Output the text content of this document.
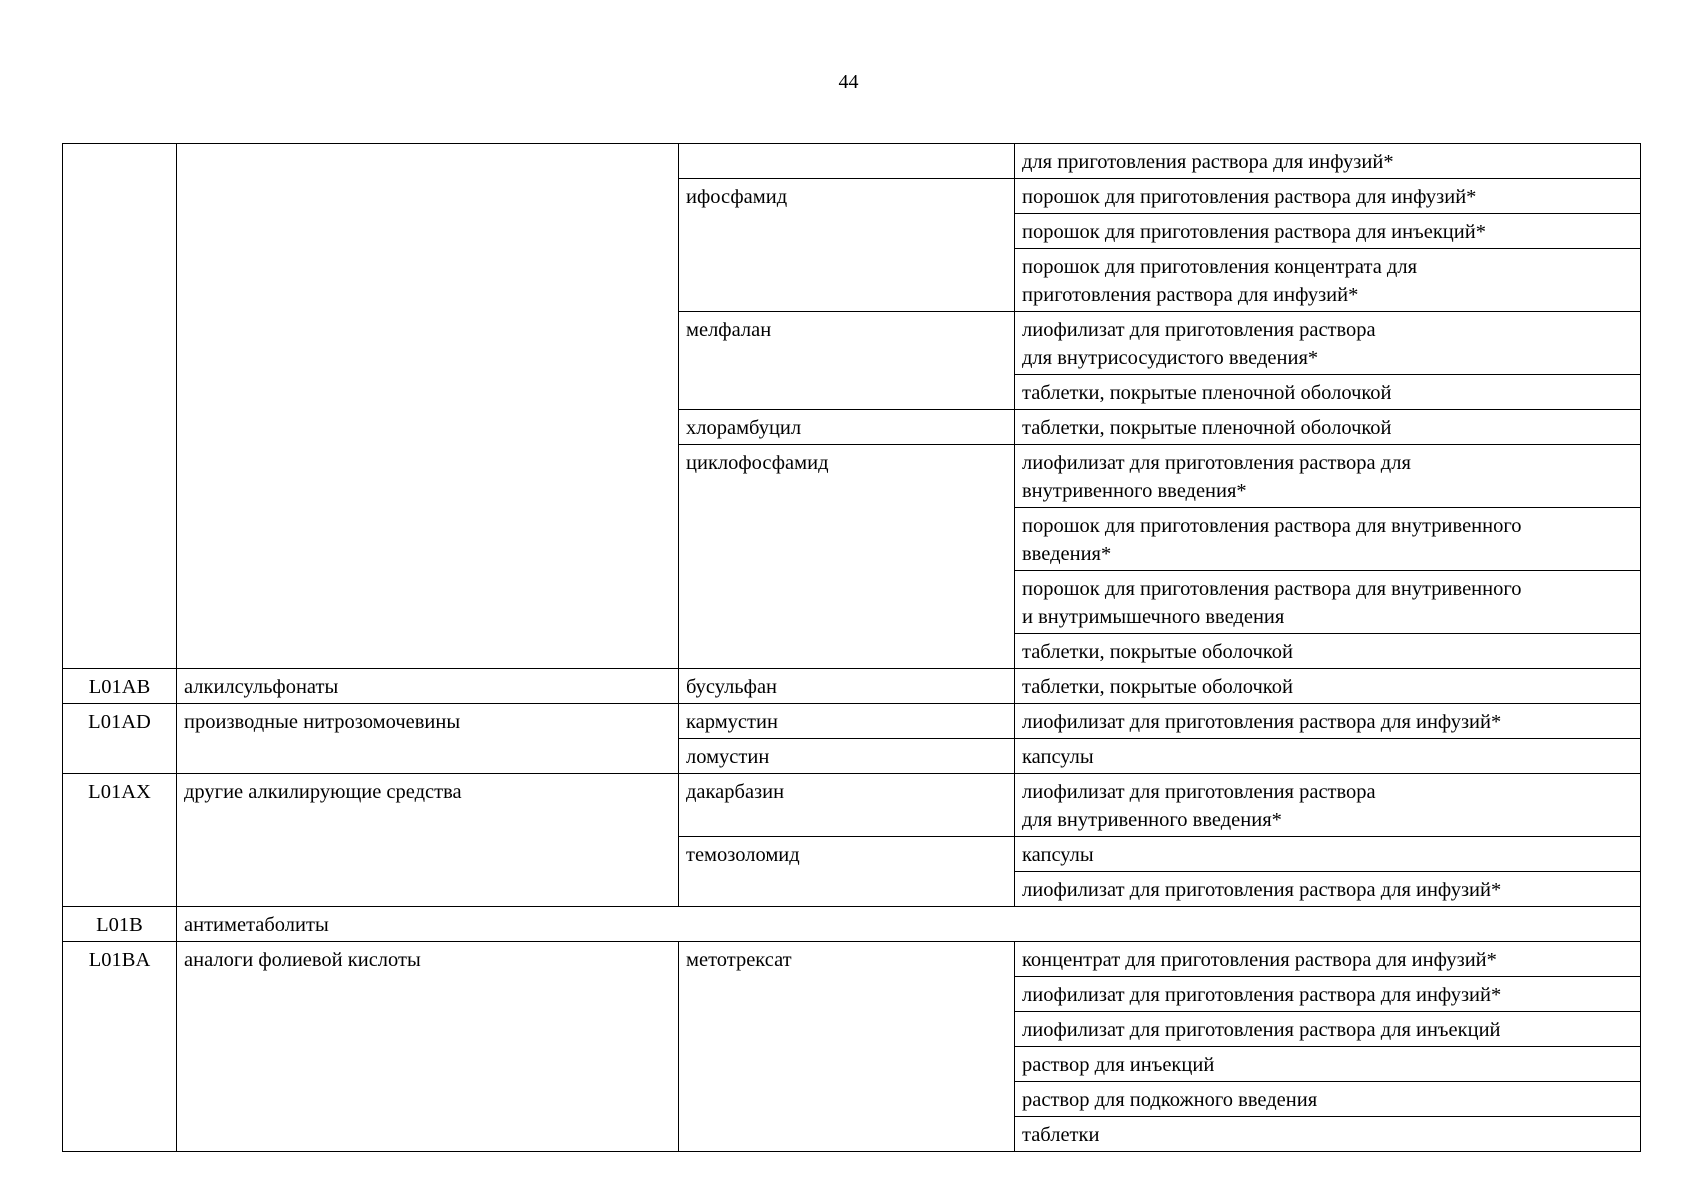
44
			для приготовления раствора для инфузий*
		ифосфамид	порошок для приготовления раствора для инфузий*
			порошок для приготовления раствора для инъекций*
			порошок для приготовления концентрата для
приготовления раствора для инфузий*
		мелфалан	лиофилизат для приготовления раствора
для внутрисосудистого введения*
			таблетки, покрытые пленочной оболочкой
		хлорамбуцил	таблетки, покрытые пленочной оболочкой
		циклофосфамид	лиофилизат для приготовления раствора для
внутривенного введения*
			порошок для приготовления раствора для внутривенного
введения*
			порошок для приготовления раствора для внутривенного
и внутримышечного введения
			таблетки, покрытые оболочкой
L01AB	алкилсульфонаты	бусульфан	таблетки, покрытые оболочкой
L01AD	производные нитрозомочевины	кармустин	лиофилизат для приготовления раствора для инфузий*
		ломустин	капсулы
L01AX	другие алкилирующие средства	дакарбазин	лиофилизат для приготовления раствора
для внутривенного введения*
		темозоломид	капсулы
			лиофилизат для приготовления раствора для инфузий*
L01B	антиметаболиты		
L01BA	аналоги фолиевой кислоты	метотрексат	концентрат для приготовления раствора для инфузий*
			лиофилизат для приготовления раствора для инфузий*
			лиофилизат для приготовления раствора для инъекций
			раствор для инъекций
			раствор для подкожного введения
			таблетки
